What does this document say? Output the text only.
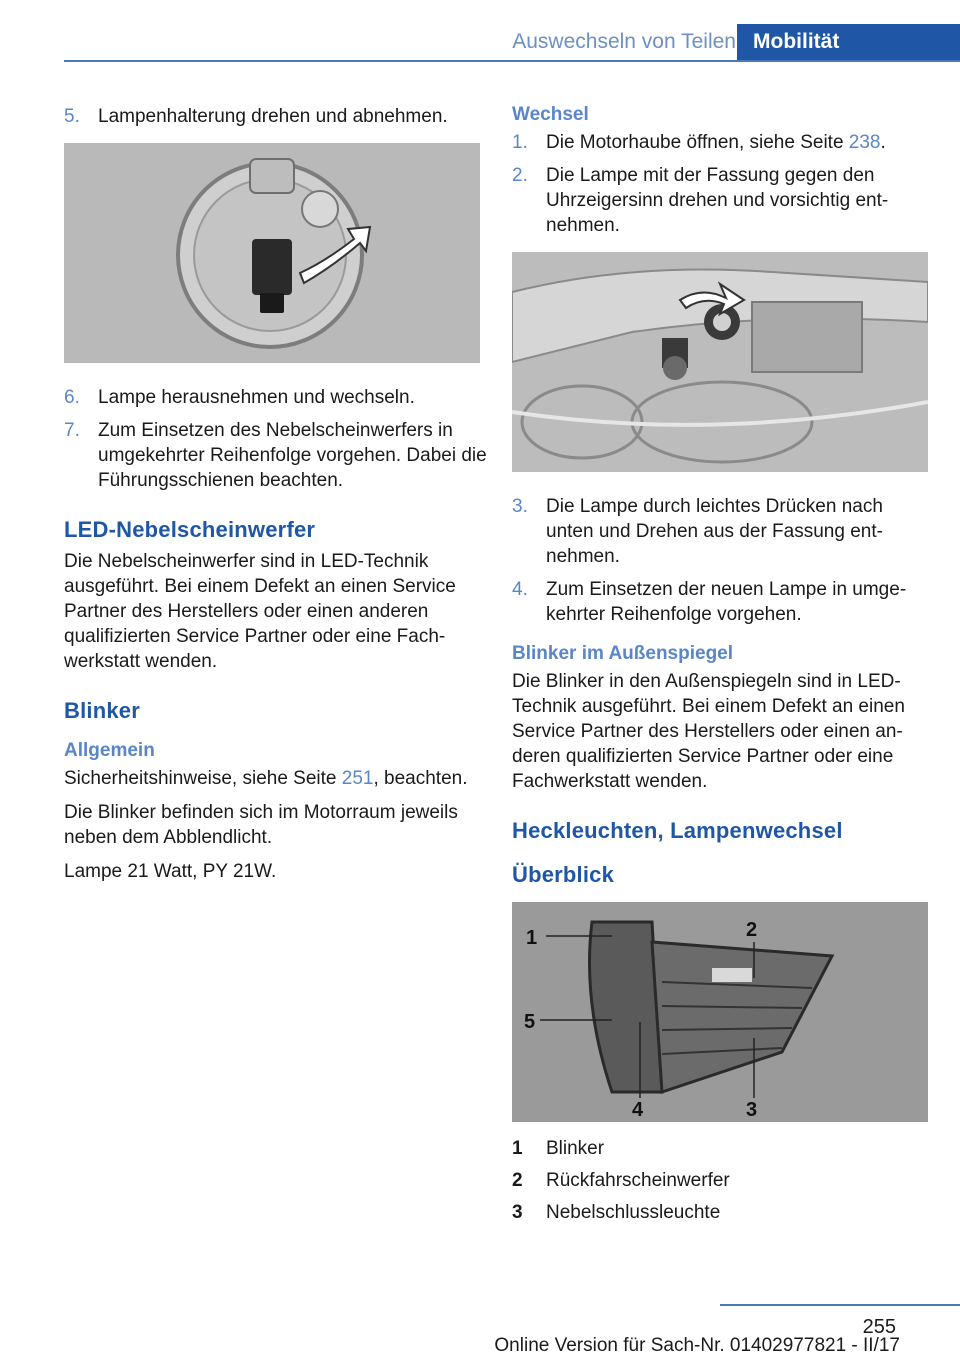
Auswechseln von Teilen Mobilität
5. Lampenhalterung drehen und abnehmen.
6. Lampe herausnehmen und wechseln.
7. Zum Einsetzen des Nebelscheinwerfers in umgekehrter Reihenfolge vorgehen. Dabei die Führungsschienen beachten.
LED-Nebelscheinwerfer

Die Nebelscheinwerfer sind in LED-Technik ausgeführt. Bei einem Defekt an einen Service Partner des Herstellers oder einen anderen qualifizierten Service Partner oder eine Fachwerkstatt wenden.

Blinker
Allgemein

Sicherheitshinweise, siehe Seite 251, beachten.

Die Blinker befinden sich im Motorraum jeweils neben dem Abblendlicht.

Lampe 21 Watt, PY 21W.

Wechsel
1. Die Motorhaube öffnen, siehe Seite 238.
2. Die Lampe mit der Fassung gegen den Uhrzeigersinn drehen und vorsichtig entnehmen.
3. Die Lampe durch leichtes Drücken nach unten und Drehen aus der Fassung entnehmen.
4. Zum Einsetzen der neuen Lampe in umgekehrter Reihenfolge vorgehen.
Blinker im Außenspiegel

Die Blinker in den Außenspiegeln sind in LED-Technik ausgeführt. Bei einem Defekt an einen Service Partner des Herstellers oder einen anderen qualifizierten Service Partner oder eine Fachwerkstatt wenden.

Heckleuchten, Lampenwechsel
Überblick
1	2
3
4
5
1	Blinker
2	Rückfahrscheinwerfer
3	Nebelschlussleuchte
255
Online Version für Sach-Nr. 01402977821 - II/17
